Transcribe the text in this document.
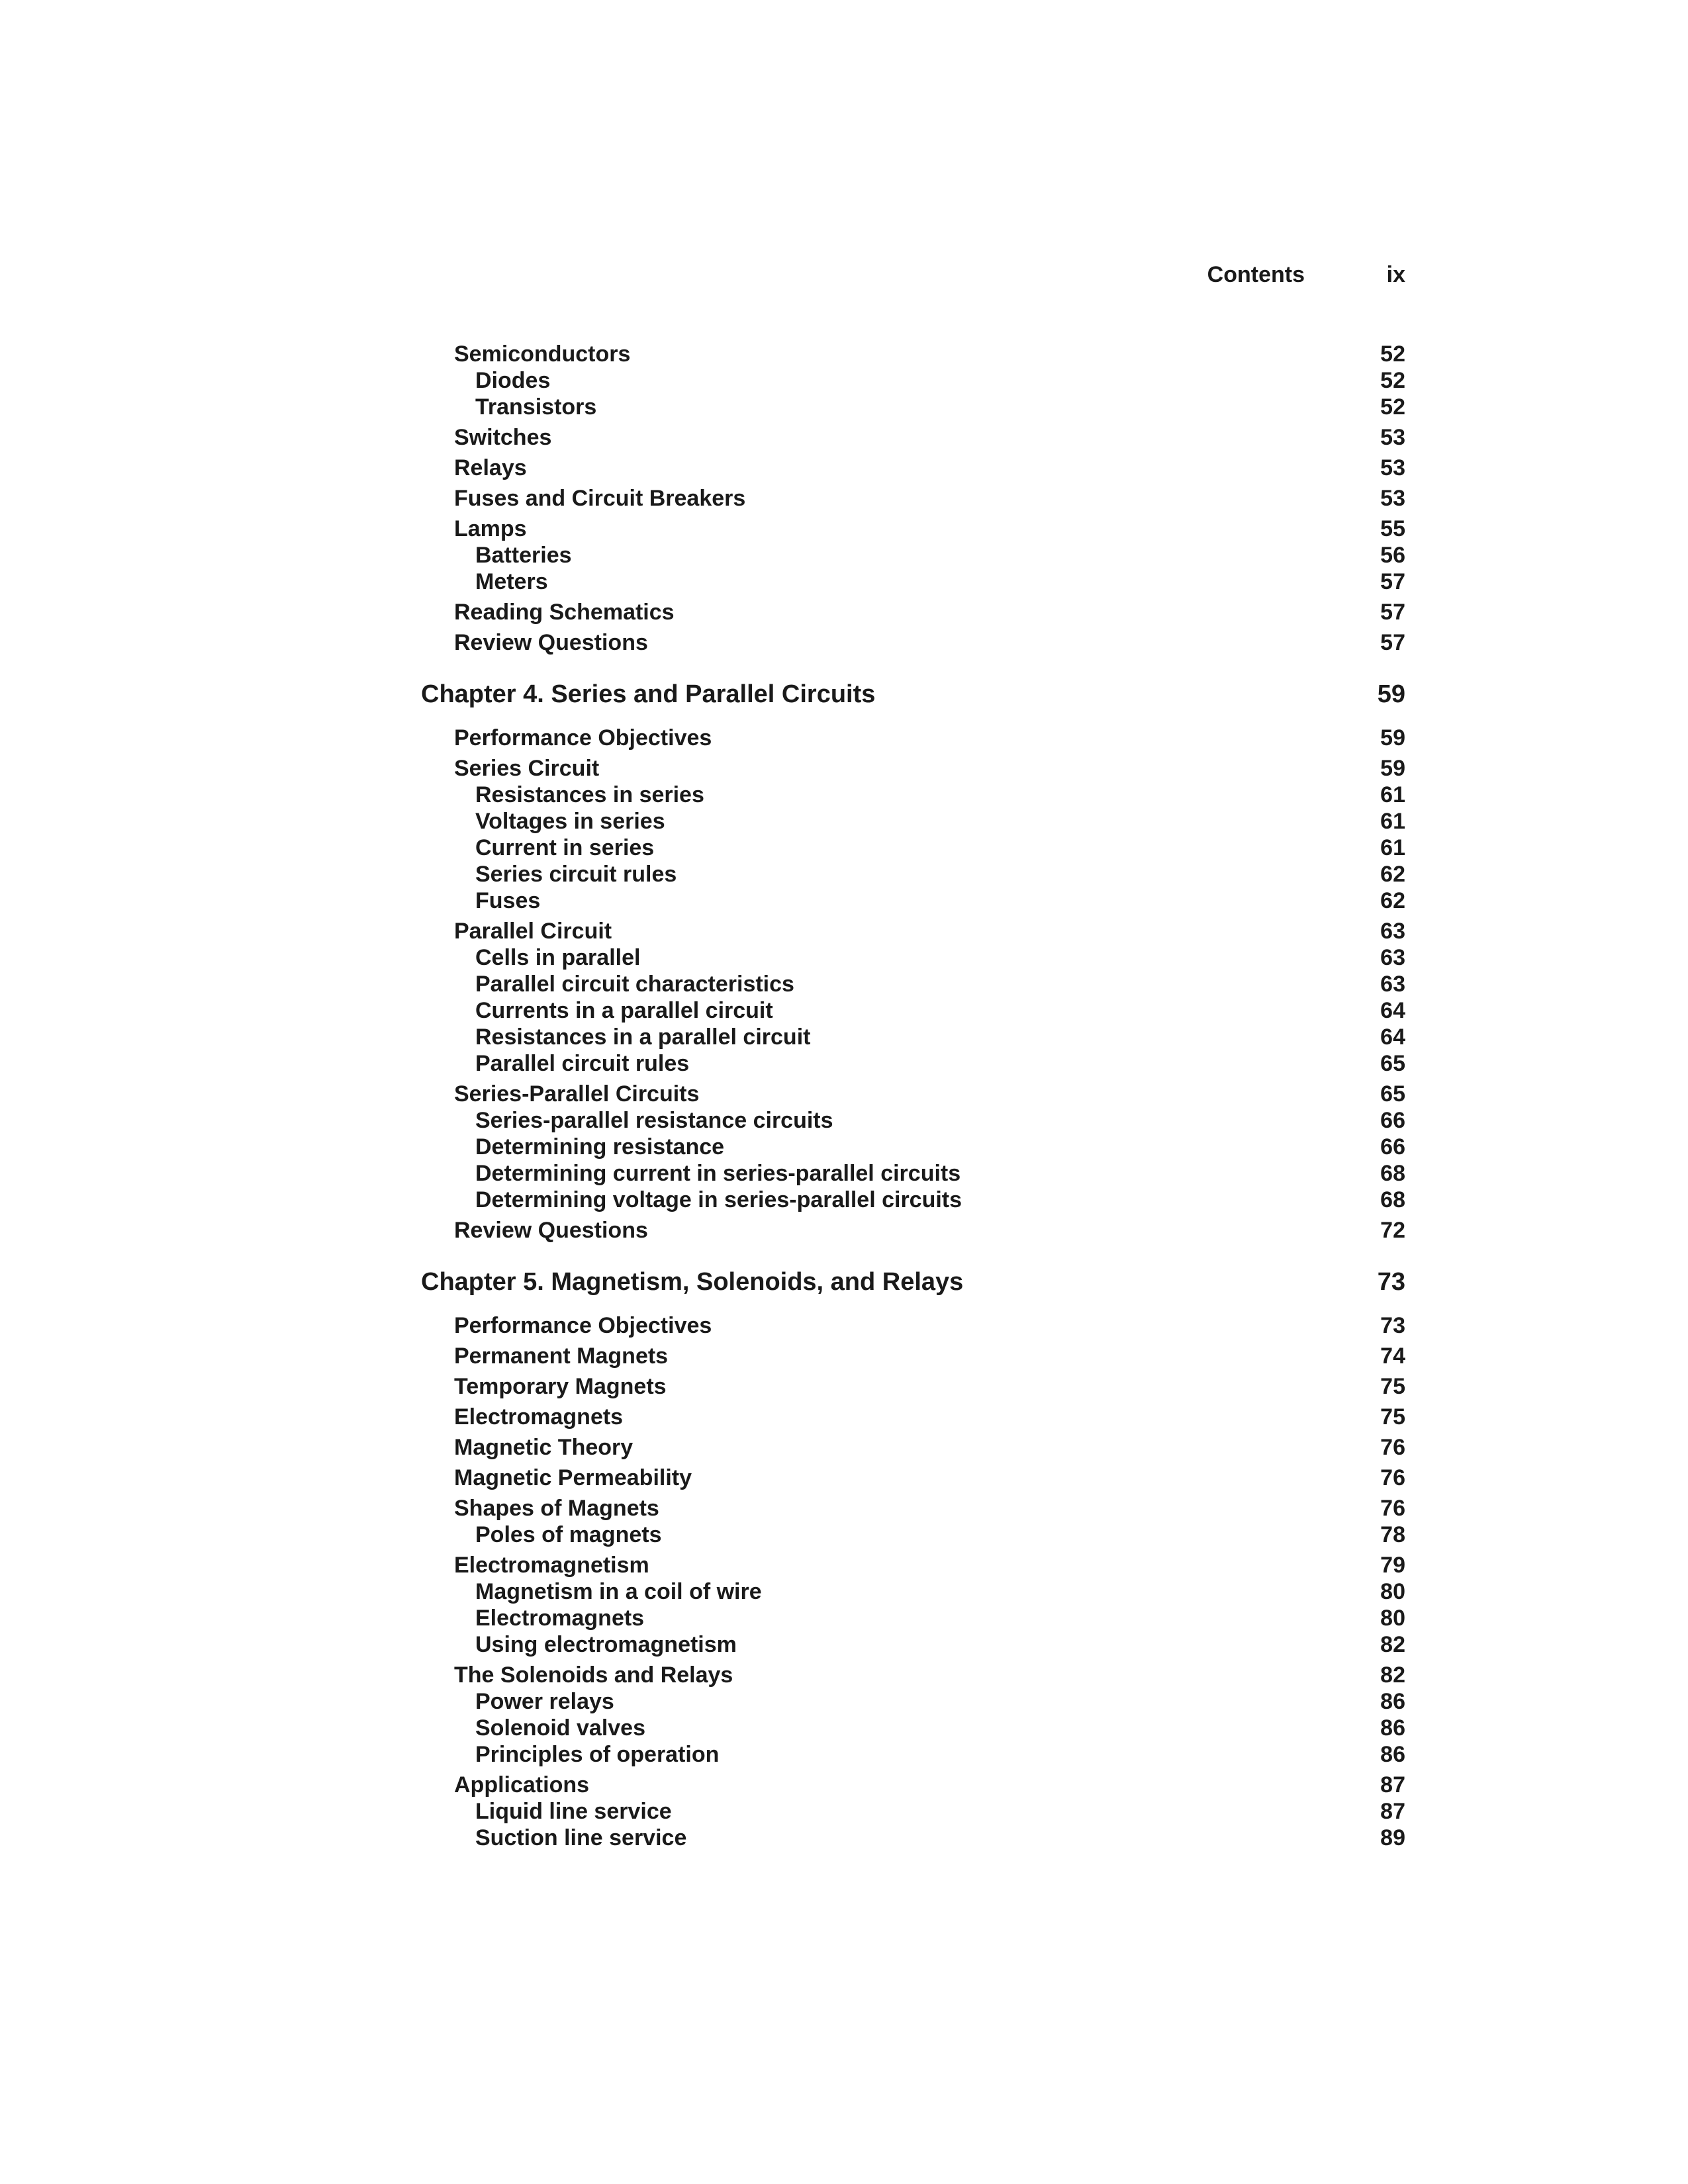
Contents	ix
Semiconductors	52
Diodes	52
Transistors	52
Switches	53
Relays	53
Fuses and Circuit Breakers	53
Lamps	55
Batteries	56
Meters	57
Reading Schematics	57
Review Questions	57
Chapter 4. Series and Parallel Circuits	59
Performance Objectives	59
Series Circuit	59
Resistances in series	61
Voltages in series	61
Current in series	61
Series circuit rules	62
Fuses	62
Parallel Circuit	63
Cells in parallel	63
Parallel circuit characteristics	63
Currents in a parallel circuit	64
Resistances in a parallel circuit	64
Parallel circuit rules	65
Series-Parallel Circuits	65
Series-parallel resistance circuits	66
Determining resistance	66
Determining current in series-parallel circuits	68
Determining voltage in series-parallel circuits	68
Review Questions	72
Chapter 5. Magnetism, Solenoids, and Relays	73
Performance Objectives	73
Permanent Magnets	74
Temporary Magnets	75
Electromagnets	75
Magnetic Theory	76
Magnetic Permeability	76
Shapes of Magnets	76
Poles of magnets	78
Electromagnetism	79
Magnetism in a coil of wire	80
Electromagnets	80
Using electromagnetism	82
The Solenoids and Relays	82
Power relays	86
Solenoid valves	86
Principles of operation	86
Applications	87
Liquid line service	87
Suction line service	89
